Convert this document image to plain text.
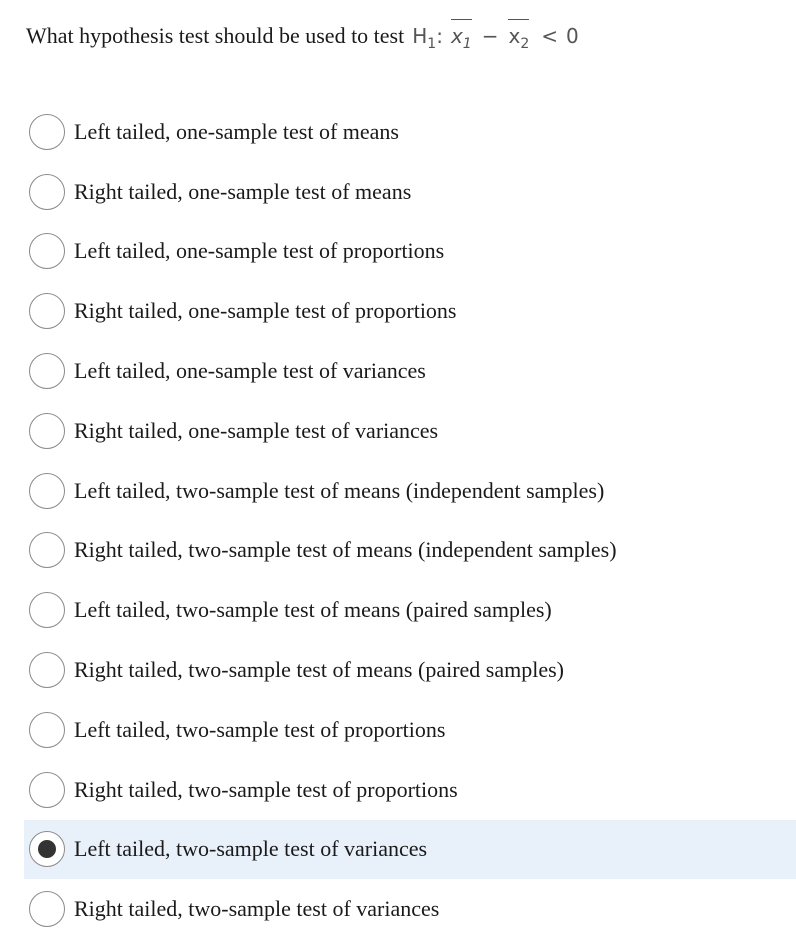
What hypothesis test should be used to test H 1 : $x_1 - x_2 < 0$
Left tailed, one-sample test of means
Right tailed, one-sample test of means
Left tailed, one-sample test of proportions
Right tailed, one-sample test of proportions
Left tailed, one-sample test of variances
Right tailed, one-sample test of variances
Left tailed, two-sample test of means (independent samples)
Right tailed, two-sample test of means (independent samples)
Left tailed, two-sample test of means (paired samples)
Right tailed, two-sample test of means (paired samples)
Left tailed, two-sample test of proportions
Right tailed, two-sample test of proportions
Left tailed, two-sample test of variances
Right tailed, two-sample test of variances
